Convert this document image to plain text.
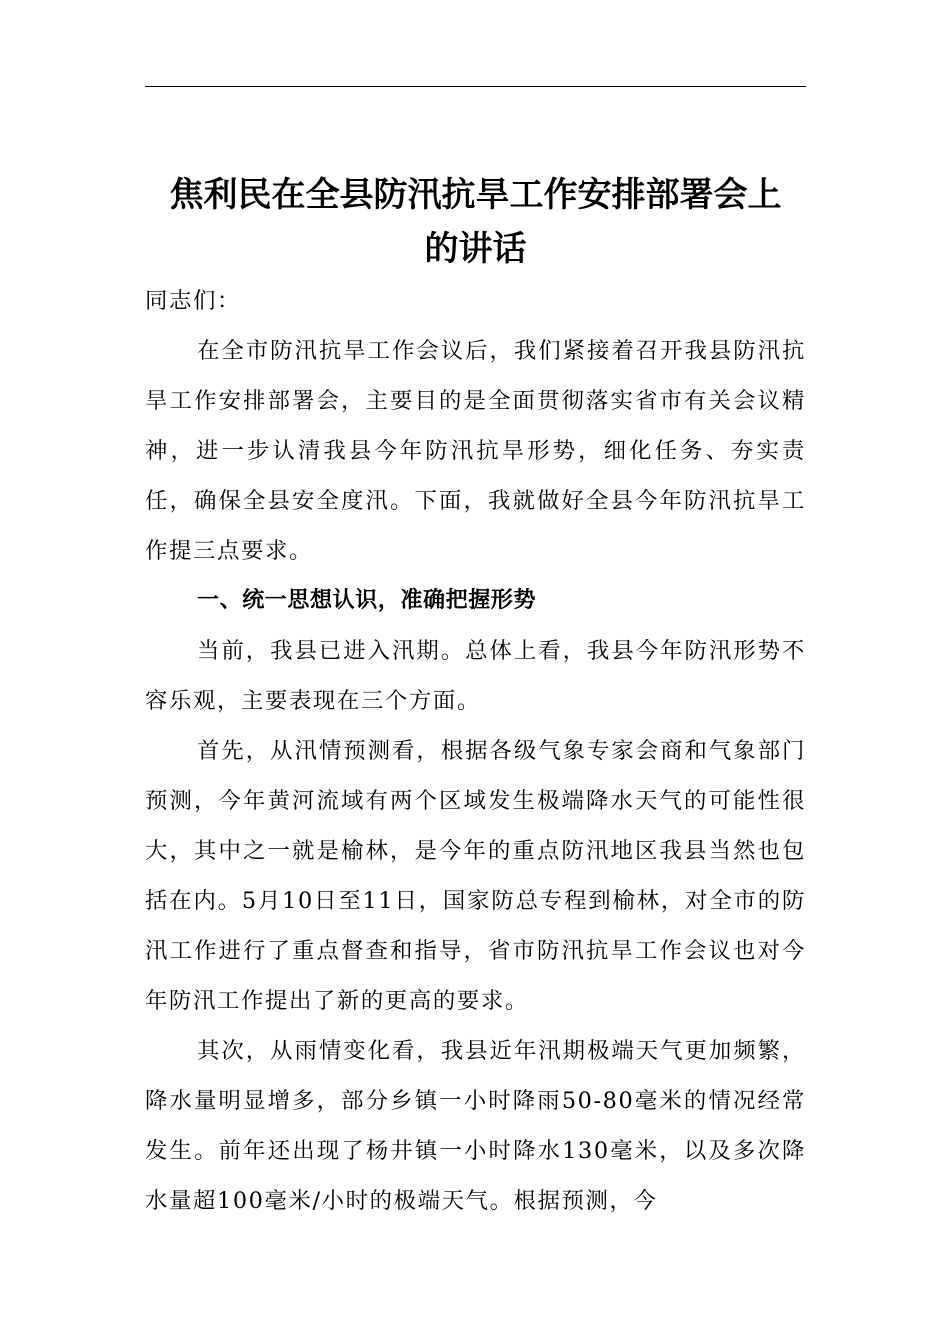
焦利民在全县防汛抗旱工作安排部署会上
的讲话

同志们：

在全市防汛抗旱工作会议后，我们紧接着召开我县防汛抗旱工作安排部署会，主要目的是全面贯彻落实省市有关会议精神，进一步认清我县今年防汛抗旱形势，细化任务、夯实责任，确保全县安全度汛。下面，我就做好全县今年防汛抗旱工作提三点要求。

一、统一思想认识，准确把握形势

当前，我县已进入汛期。总体上看，我县今年防汛形势不容乐观，主要表现在三个方面。

首先，从汛情预测看，根据各级气象专家会商和气象部门预测，今年黄河流域有两个区域发生极端降水天气的可能性很大，其中之一就是榆林，是今年的重点防汛地区我县当然也包括在内。5月10日至11日，国家防总专程到榆林，对全市的防汛工作进行了重点督查和指导，省市防汛抗旱工作会议也对今年防汛工作提出了新的更高的要求。

其次，从雨情变化看，我县近年汛期极端天气更加频繁，降水量明显增多，部分乡镇一小时降雨50-80毫米的情况经常发生。前年还出现了杨井镇一小时降水130毫米，以及多次降水量超100毫米/小时的极端天气。根据预测，今
